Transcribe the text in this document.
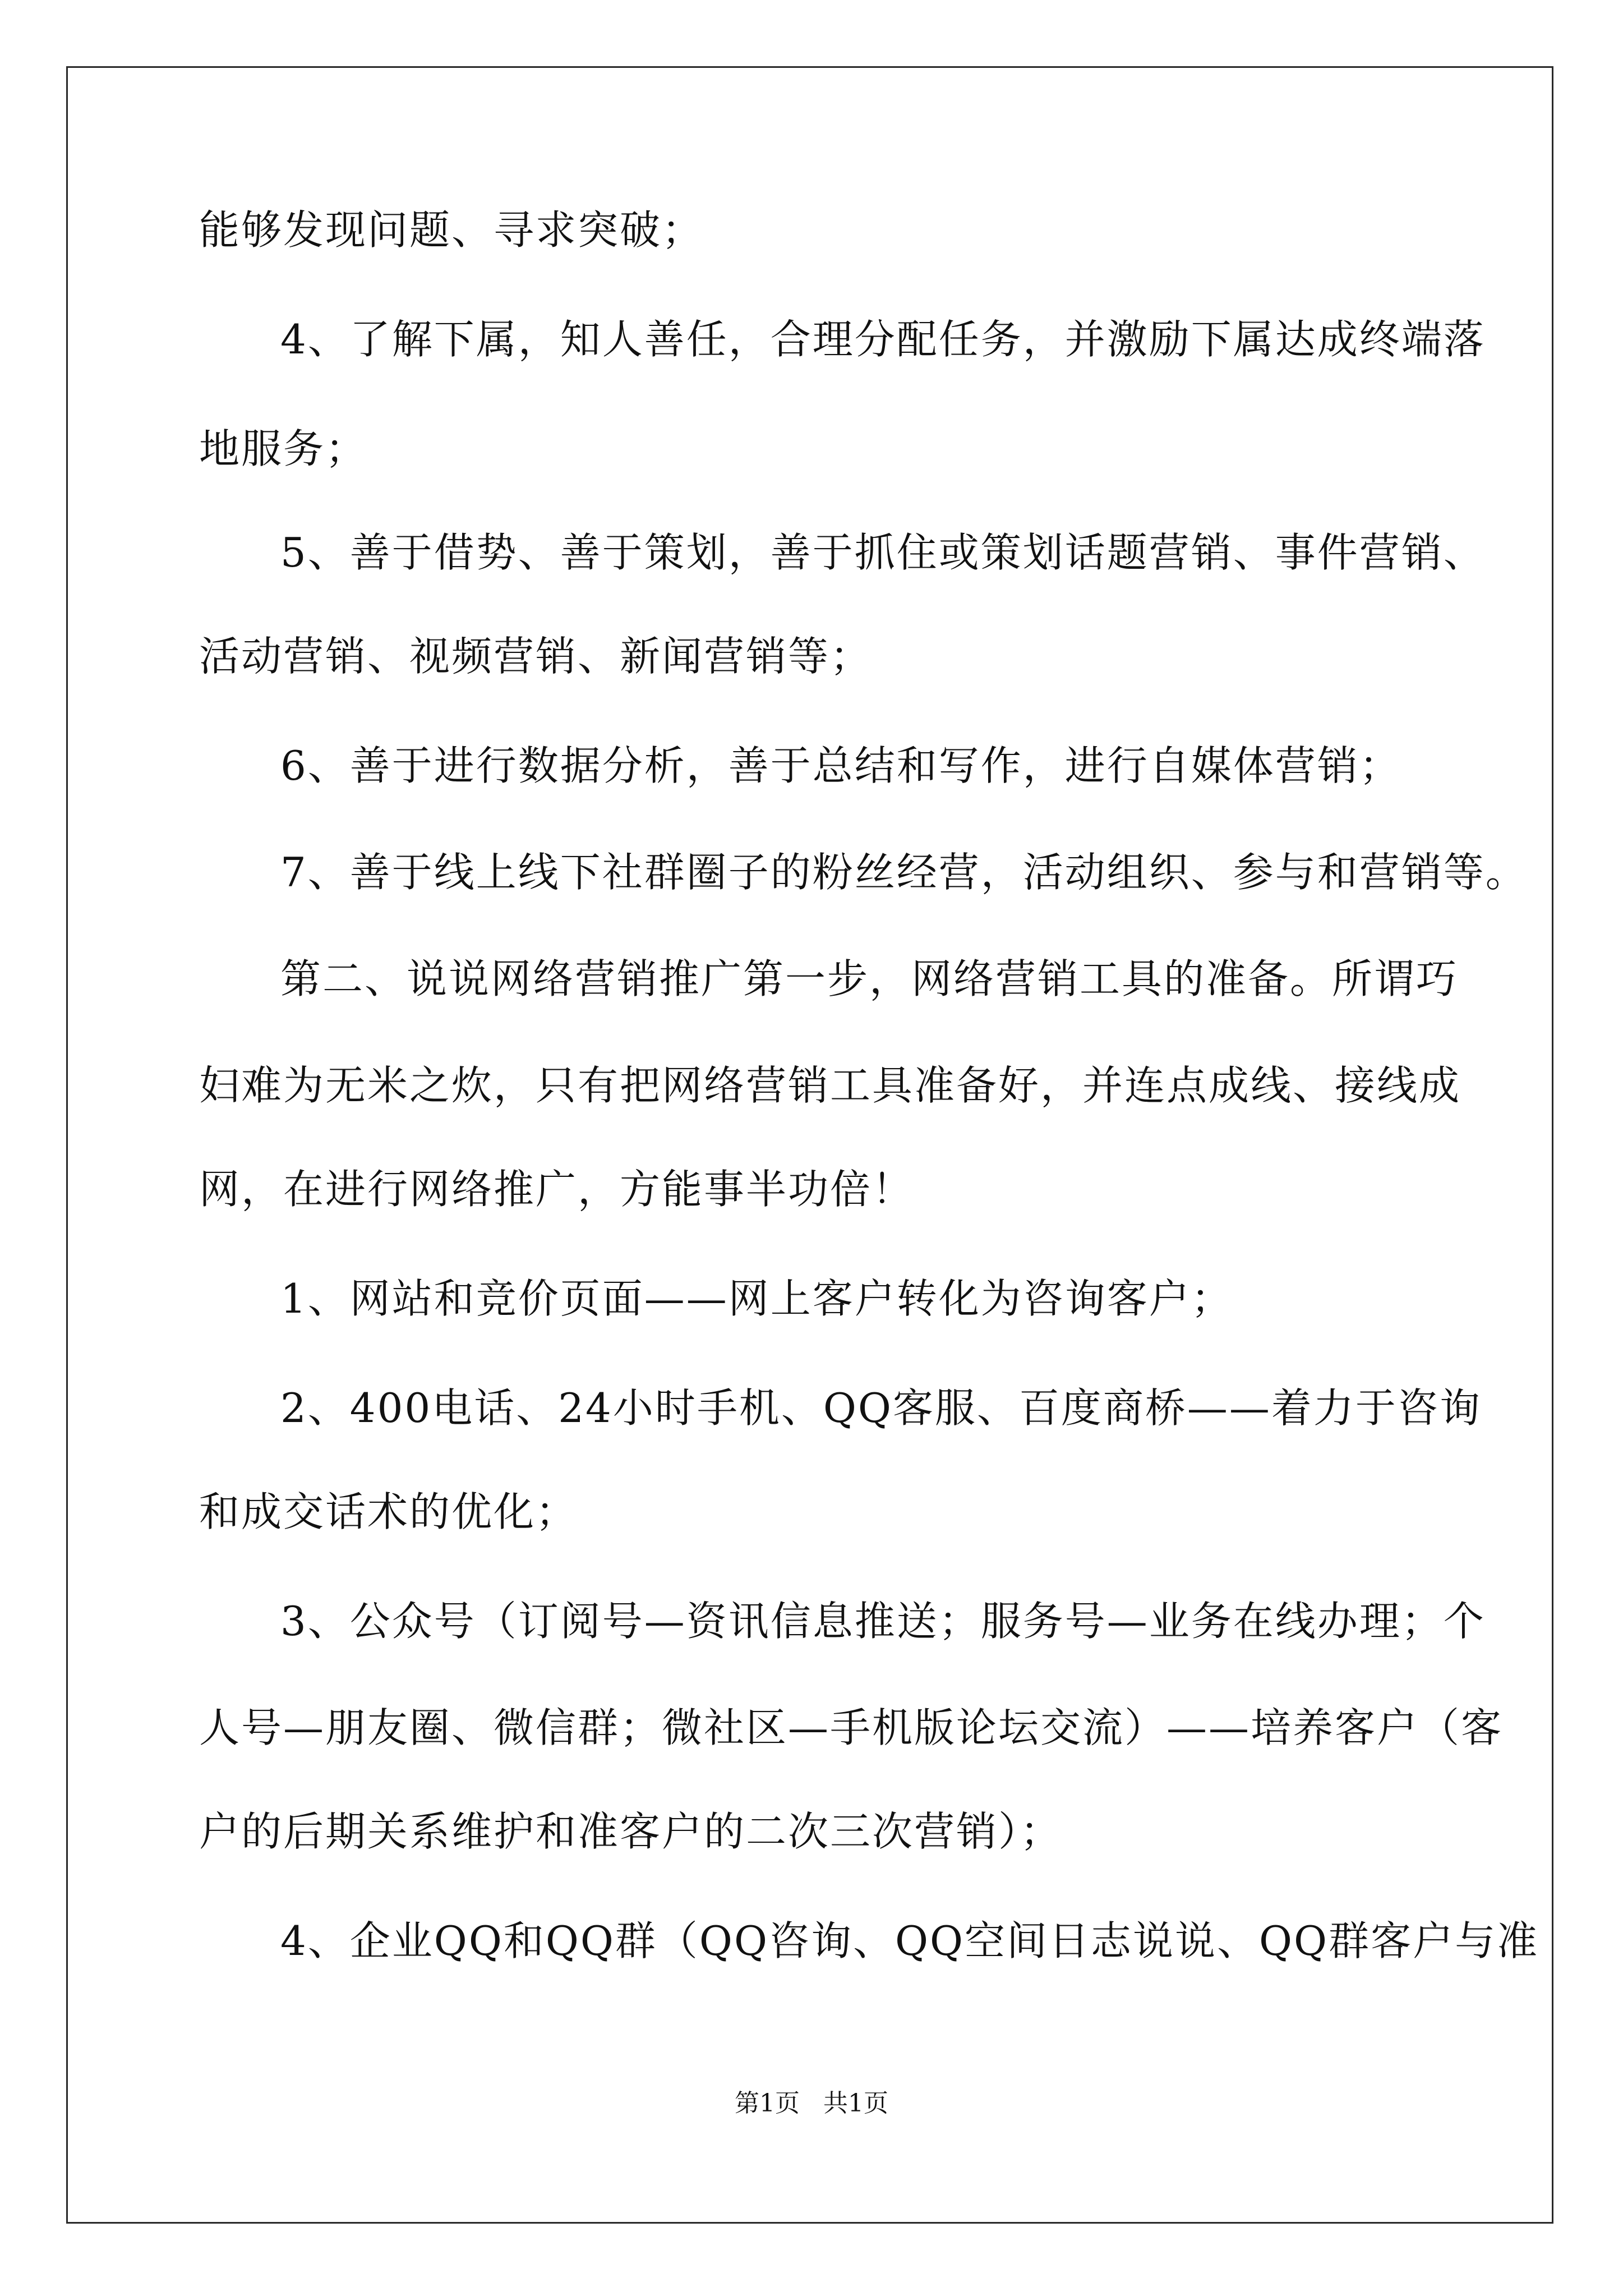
能够发现问题、寻求突破；

4、了解下属，知人善任，合理分配任务，并激励下属达成终端落

地服务；

5、善于借势、善于策划，善于抓住或策划话题营销、事件营销、

活动营销、视频营销、新闻营销等；

6、善于进行数据分析，善于总结和写作，进行自媒体营销；

7、善于线上线下社群圈子的粉丝经营，活动组织、参与和营销等。

第二、说说网络营销推广第一步，网络营销工具的准备。所谓巧

妇难为无米之炊，只有把网络营销工具准备好，并连点成线、接线成

网，在进行网络推广，方能事半功倍！

1、网站和竞价页面——网上客户转化为咨询客户；

2、400电话、24小时手机、QQ客服、百度商桥——着力于咨询

和成交话术的优化；

3、公众号（订阅号—资讯信息推送；服务号—业务在线办理；个

人号—朋友圈、微信群；微社区—手机版论坛交流）——培养客户（客

户的后期关系维护和准客户的二次三次营销）；

4、企业QQ和QQ群（QQ咨询、QQ空间日志说说、QQ群客户与准

第1页   共1页
